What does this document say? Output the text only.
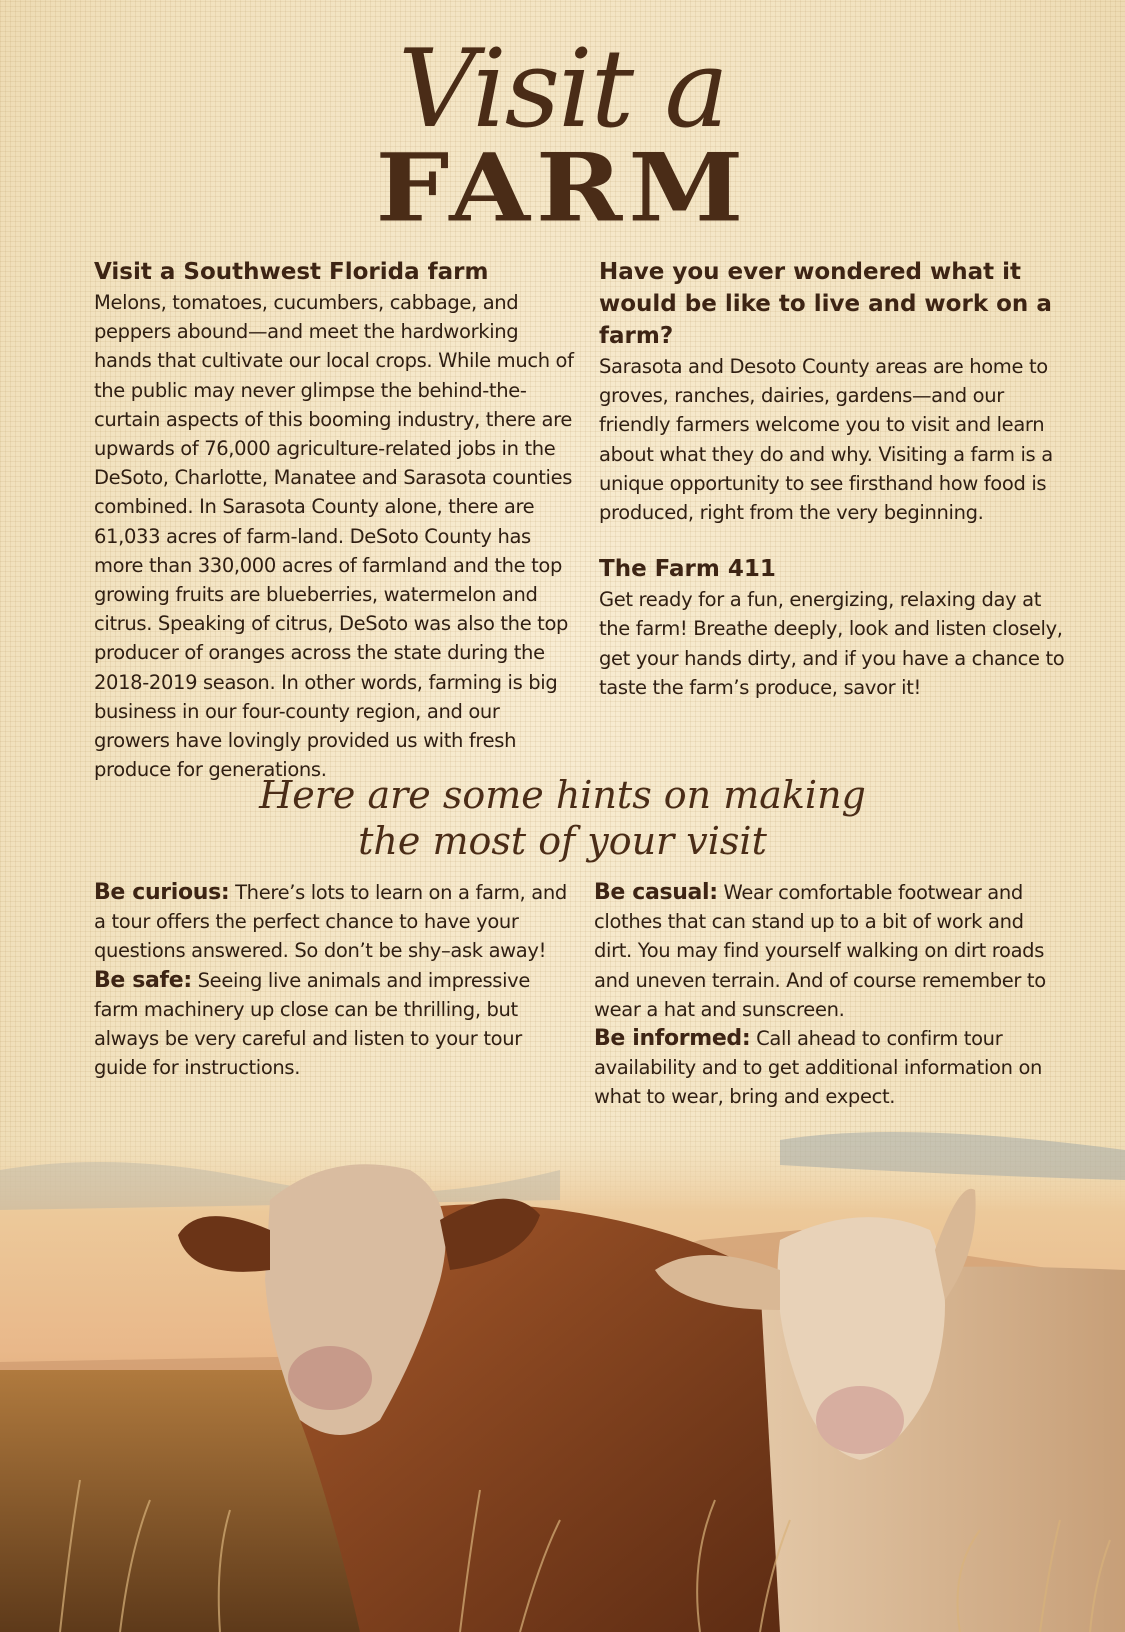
Visit a
FARM
Visit a Southwest Florida farm

Melons, tomatoes, cucumbers, cabbage, and peppers abound—and meet the hardworking hands that cultivate our local crops. While much of the public may never glimpse the behind-the-curtain aspects of this booming industry, there are upwards of 76,000 agriculture-related jobs in the DeSoto, Charlotte, Manatee and Sarasota counties combined. In Sarasota County alone, there are 61,033 acres of farm-land. DeSoto County has more than 330,000 acres of farmland and the top growing fruits are blueberries, watermelon and citrus. Speaking of citrus, DeSoto was also the top producer of oranges across the state during the 2018-2019 season. In other words, farming is big business in our four-county region, and our growers have lovingly provided us with fresh produce for generations.

Have you ever wondered what it would be like to live and work on a farm?

Sarasota and Desoto County areas are home to groves, ranches, dairies, gardens—and our friendly farmers welcome you to visit and learn about what they do and why. Visiting a farm is a unique opportunity to see firsthand how food is produced, right from the very beginning.

The Farm 411

Get ready for a fun, energizing, relaxing day at the farm! Breathe deeply, look and listen closely, get your hands dirty, and if you have a chance to taste the farm’s produce, savor it!

Here are some hints on making
the most of your visit

Be curious: There’s lots to learn on a farm, and a tour offers the perfect chance to have your questions answered. So don’t be shy–ask away!

Be safe: Seeing live animals and impressive farm machinery up close can be thrilling, but always be very careful and listen to your tour guide for instructions.

Be casual: Wear comfortable footwear and clothes that can stand up to a bit of work and dirt. You may find yourself walking on dirt roads and uneven terrain. And of course remember to wear a hat and sunscreen.

Be informed: Call ahead to confirm tour availability and to get additional information on what to wear, bring and expect.
